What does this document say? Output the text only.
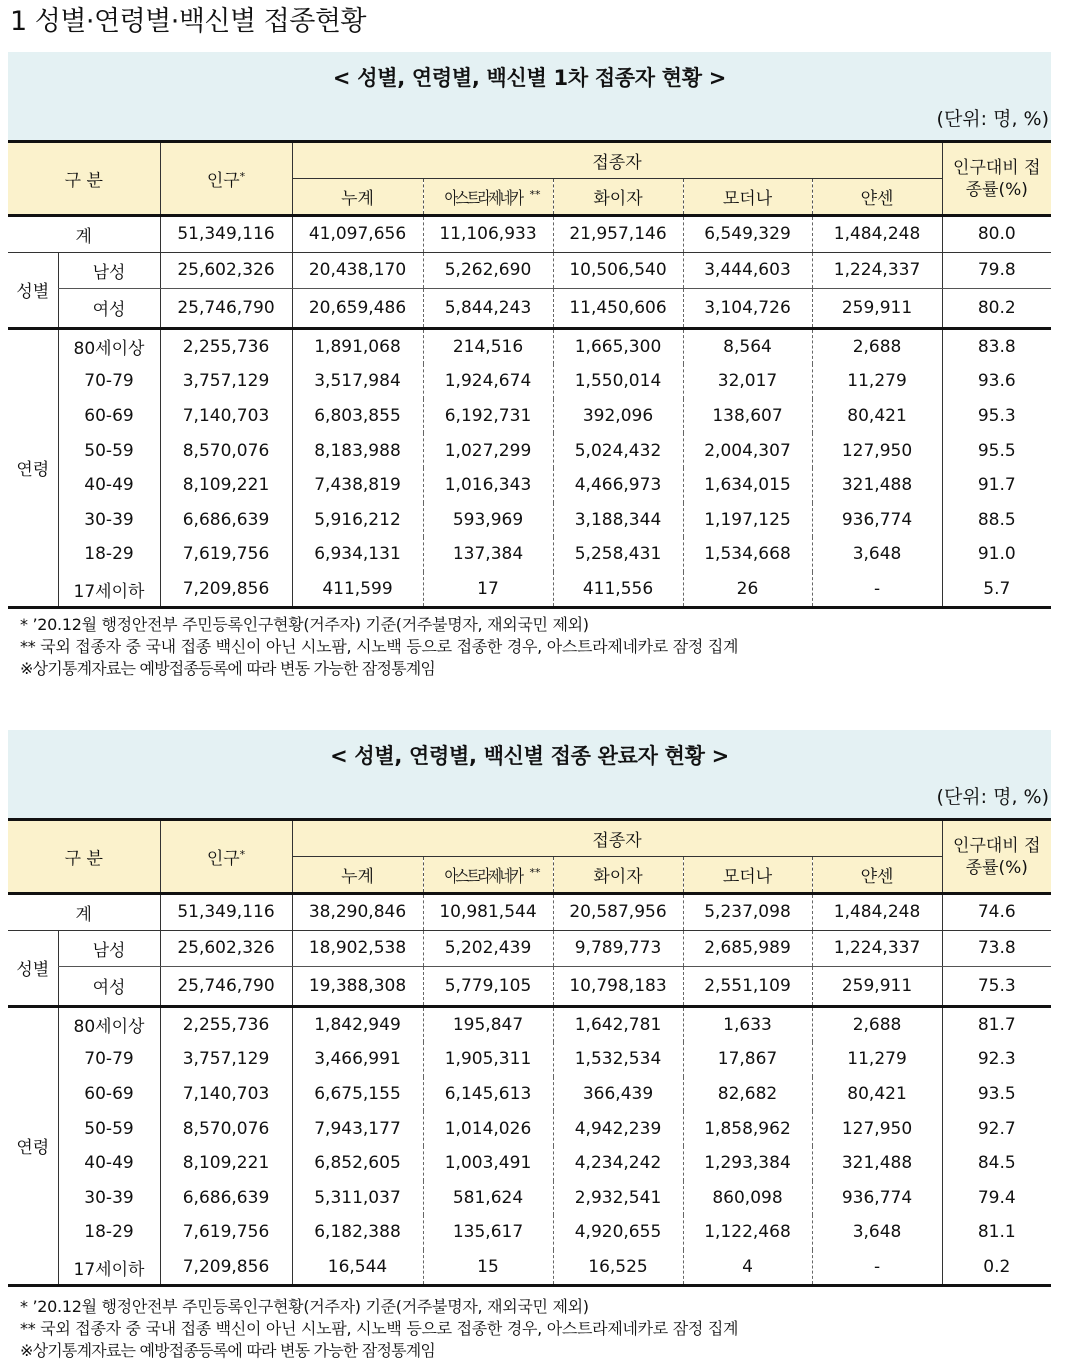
1 성별·연령별·백신별 접종현황
< 성별, 연령별, 백신별 1차 접종자 현황 >
(단위: 명, %)
구 분		인구*	접종자					인구대비 접
종률(%)
			누계	아스트라제네카 **	화이자	모더나	얀센	
계		51,349,116	41,097,656	11,106,933	21,957,146	6,549,329	1,484,248	80.0
성별	남성	25,602,326	20,438,170	5,262,690	10,506,540	3,444,603	1,224,337	79.8
	여성	25,746,790	20,659,486	5,844,243	11,450,606	3,104,726	259,911	80.2
연령	80세이상	2,255,736	1,891,068	214,516	1,665,300	8,564	2,688	83.8
	70-79	3,757,129	3,517,984	1,924,674	1,550,014	32,017	11,279	93.6
	60-69	7,140,703	6,803,855	6,192,731	392,096	138,607	80,421	95.3
	50-59	8,570,076	8,183,988	1,027,299	5,024,432	2,004,307	127,950	95.5
	40-49	8,109,221	7,438,819	1,016,343	4,466,973	1,634,015	321,488	91.7
	30-39	6,686,639	5,916,212	593,969	3,188,344	1,197,125	936,774	88.5
	18-29	7,619,756	6,934,131	137,384	5,258,431	1,534,668	3,648	91.0
	17세이하	7,209,856	411,599	17	411,556	26	-	5.7
* ’20.12월 행정안전부 주민등록인구현황(거주자) 기준(거주불명자, 재외국민 제외)
** 국외 접종자 중 국내 접종 백신이 아닌 시노팜, 시노백 등으로 접종한 경우, 아스트라제네카로 잠정 집계
※상기통계자료는 예방접종등록에 따라 변동 가능한 잠정통계임
< 성별, 연령별, 백신별 접종 완료자 현황 >
(단위: 명, %)
구 분		인구*	접종자					인구대비 접
종률(%)
			누계	아스트라제네카 **	화이자	모더나	얀센	
계		51,349,116	38,290,846	10,981,544	20,587,956	5,237,098	1,484,248	74.6
성별	남성	25,602,326	18,902,538	5,202,439	9,789,773	2,685,989	1,224,337	73.8
	여성	25,746,790	19,388,308	5,779,105	10,798,183	2,551,109	259,911	75.3
연령	80세이상	2,255,736	1,842,949	195,847	1,642,781	1,633	2,688	81.7
	70-79	3,757,129	3,466,991	1,905,311	1,532,534	17,867	11,279	92.3
	60-69	7,140,703	6,675,155	6,145,613	366,439	82,682	80,421	93.5
	50-59	8,570,076	7,943,177	1,014,026	4,942,239	1,858,962	127,950	92.7
	40-49	8,109,221	6,852,605	1,003,491	4,234,242	1,293,384	321,488	84.5
	30-39	6,686,639	5,311,037	581,624	2,932,541	860,098	936,774	79.4
	18-29	7,619,756	6,182,388	135,617	4,920,655	1,122,468	3,648	81.1
	17세이하	7,209,856	16,544	15	16,525	4	-	0.2
* ’20.12월 행정안전부 주민등록인구현황(거주자) 기준(거주불명자, 재외국민 제외)
** 국외 접종자 중 국내 접종 백신이 아닌 시노팜, 시노백 등으로 접종한 경우, 아스트라제네카로 잠정 집계
※상기통계자료는 예방접종등록에 따라 변동 가능한 잠정통계임
